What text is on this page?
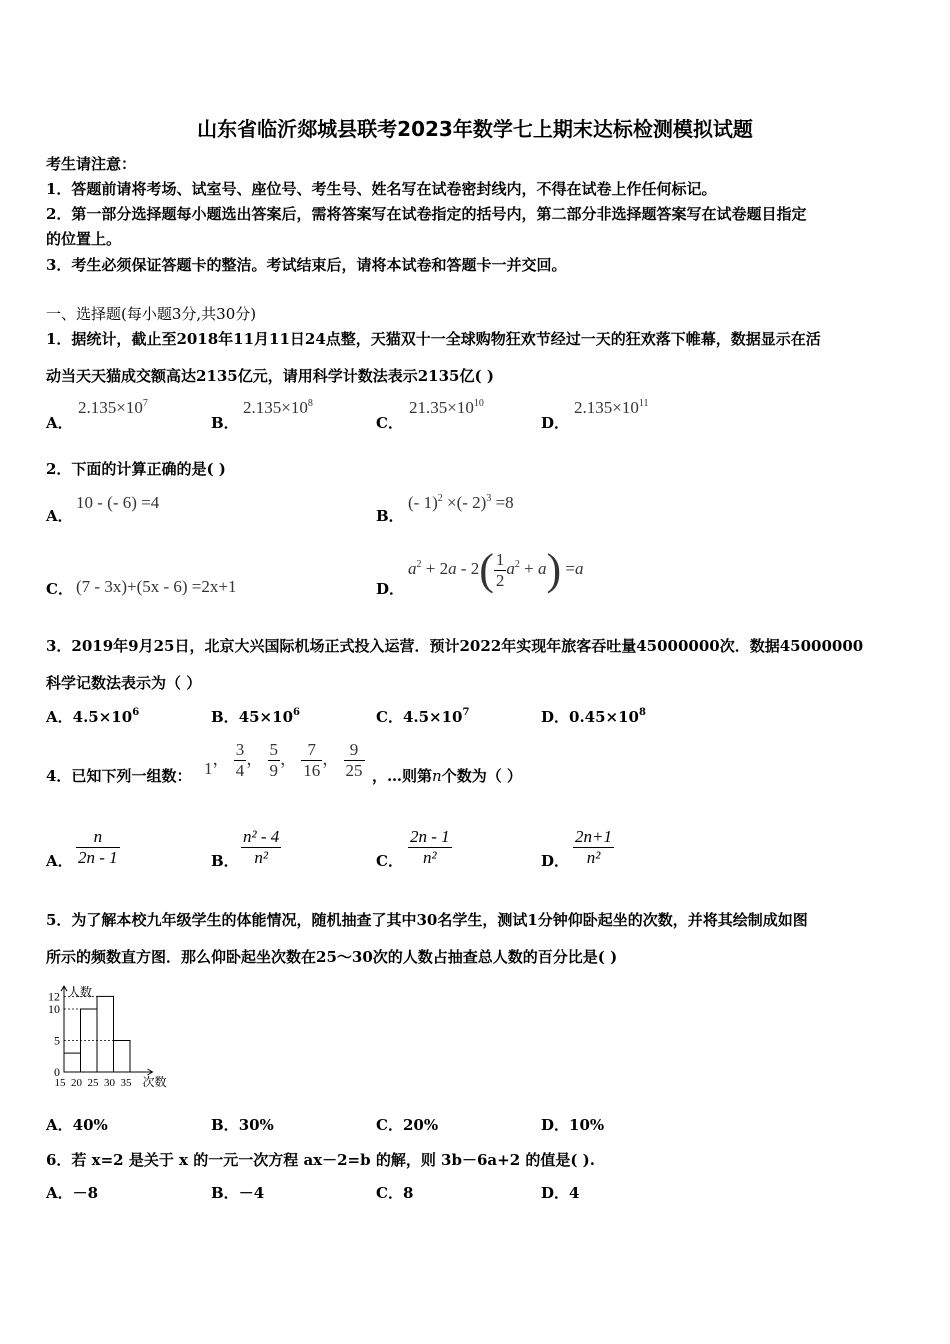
山东省临沂郯城县联考2023年数学七上期末达标检测模拟试题
考生请注意：
1．答题前请将考场、试室号、座位号、考生号、姓名写在试卷密封线内，不得在试卷上作任何标记。
2．第一部分选择题每小题选出答案后，需将答案写在试卷指定的括号内，第二部分非选择题答案写在试卷题目指定
的位置上。
3．考生必须保证答题卡的整洁。考试结束后，请将本试卷和答题卡一并交回。
一、选择题(每小题3分,共30分)
1．据统计，截止至2018年11月11日24点整，天猫双十一全球购物狂欢节经过一天的狂欢落下帷幕，数据显示在活
动当天天猫成交额高达2135亿元，请用科学计数法表示2135亿( )
A．
$2.135\times 10^7$
B．
$2.135\times 10^8$
C．
$21.35\times 10^{10}$
D．
$2.135\times 10^{11}$
2．下面的计算正确的是( )
A．
10 - (- 6) =4
B．
(- 1)$^2$ ×(- 2)$^3$ =8
C． (7 - 3x)+(5x - 6) =2x+1	D．
$a^2 + 2a - 2( \frac{1}{2} a^2 + a) =a$
3．2019年9月25日，北京大兴国际机场正式投入运营．预计2022年实现年旅客吞吐量45000000次．数据45000000
科学记数法表示为（ ）
A．$4.5\times 10^6$	B．$45\times 10^6$	C．$4.5\times 10^7$	D．$0.45\times 10^8$
4．已知下列一组数： 1， $\frac{3}{4}$ ， $\frac{5}{9}$ ， $\frac{7}{16}$ ， $\frac{9}{25}$ ，…则第n个数为（ ）
A． $\frac{n}{2n - 1}$	B． $\frac{\text{n² - 4}}{\text{n²}}$	C． $\frac{2n - 1}{\text{n²}}$	D． $\frac{2n+1}{\text{n²}}$
5．为了解本校九年级学生的体能情况，随机抽查了其中30名学生，测试1分钟仰卧起坐的次数，并将其绘制成如图
所示的频数直方图．那么仰卧起坐次数在25～30次的人数占抽查总人数的百分比是( )
人数
次数
0
5
10
12
15 20 25 30 35
A．40%	B．30%	C．20%	D．10%
6．若 x=2 是关于 x 的一元一次方程 ax－2=b 的解，则 3b－6a+2 的值是( ).
A．－8	B．－4	C．8	D．4
